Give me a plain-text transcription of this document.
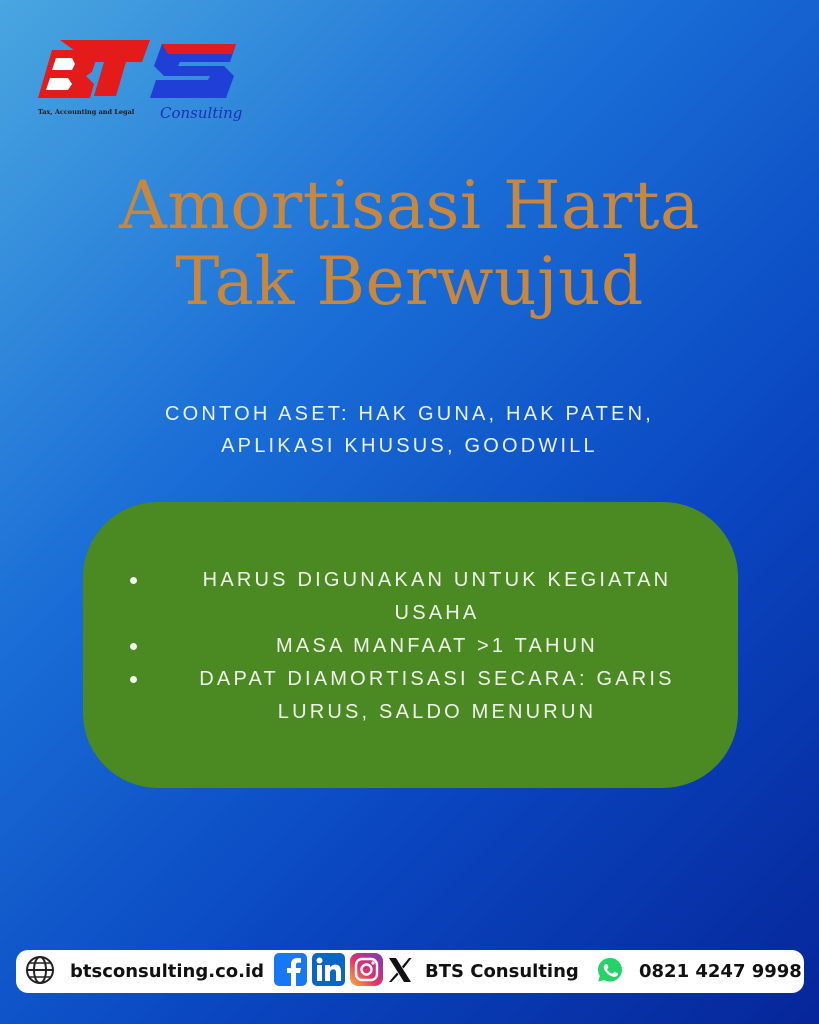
Tax, Accounting and Legal Consulting
Amortisasi Harta
Tak Berwujud
CONTOH ASET: HAK GUNA, HAK PATEN,
APLIKASI KHUSUS, GOODWILL
HARUS DIGUNAKAN UNTUK KEGIATAN
USAHA
MASA MANFAAT >1 TAHUN
DAPAT DIAMORTISASI SECARA: GARIS
LURUS, SALDO MENURUN
btsconsulting.co.id	BTS Consulting	0821 4247 9998
